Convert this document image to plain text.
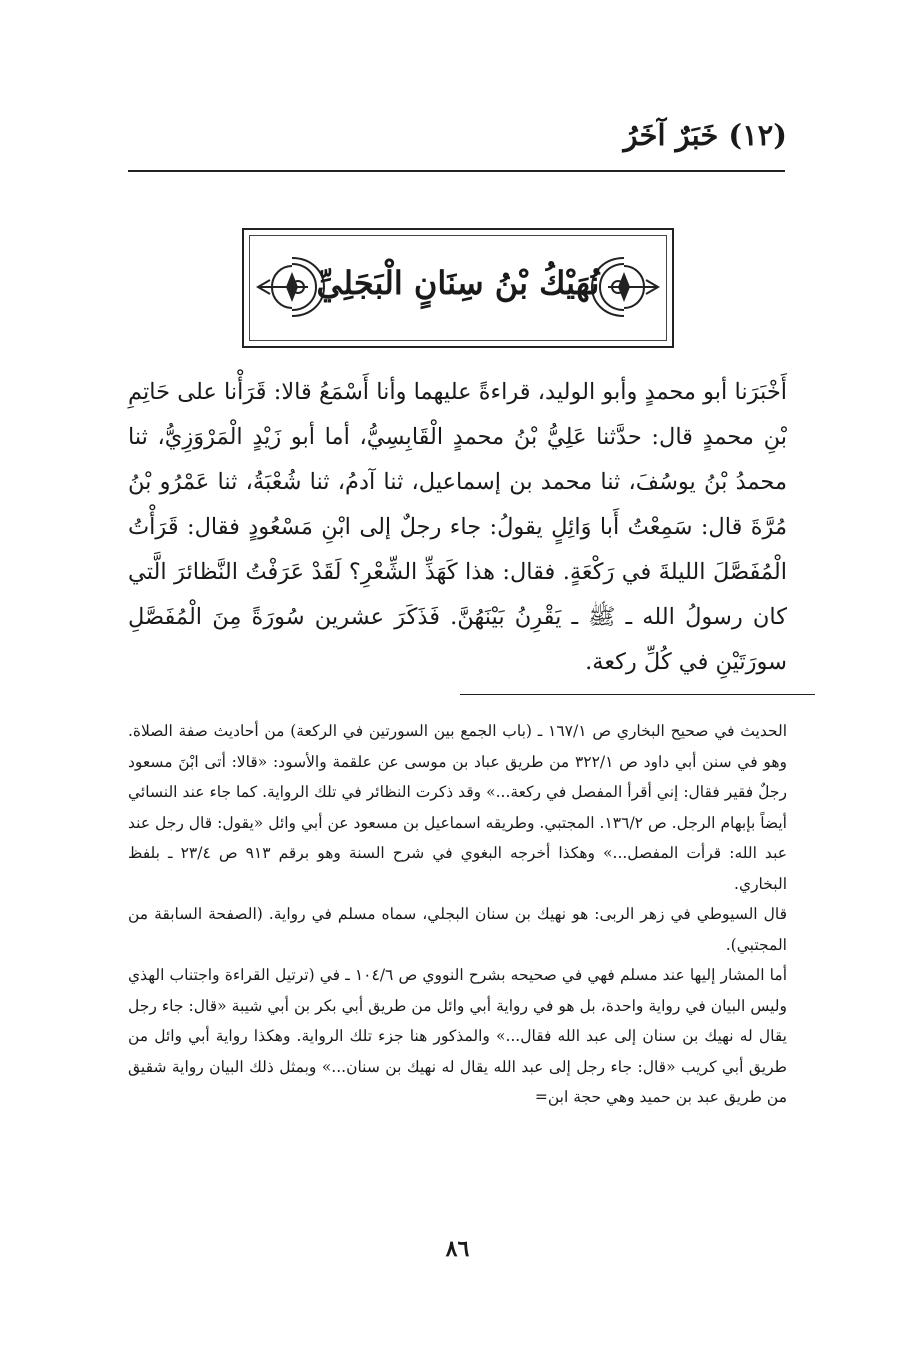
(١٢) خَبَرٌ آخَرُ
نُهَيْكُ بْنُ سِنَانٍ الْبَجَلِيِّ

أَخْبَرَنا أبو محمدٍ وأبو الوليد، قراءةً عليهما وأنا أَسْمَعُ قالا: قَرَأْنا على حَاتِمِ بْنِ محمدٍ قال: حدَّثنا عَلِيُّ بْنُ محمدٍ الْقَابِسِيُّ، أما أبو زَيْدٍ الْمَرْوَزِيُّ، ثنا محمدُ بْنُ يوسُفَ، ثنا محمد بن إسماعيل، ثنا آدمُ، ثنا شُعْبَةُ، ثنا عَمْرُو بْنُ مُرَّةَ قال: سَمِعْتُ أَبا وَائِلٍ يقولُ: جاء رجلٌ إلى ابْنِ مَسْعُودٍ فقال: قَرَأْتُ الْمُفَصَّلَ الليلةَ في رَكْعَةٍ. فقال: هذا كَهَذِّ الشِّعْرِ؟ لَقَدْ عَرَفْتُ النَّظائرَ الَّتي كان رسولُ الله ـ ﷺ ـ يَقْرِنُ بَيْنَهُنَّ. فَذَكَرَ عشرين سُورَةً مِنَ الْمُفَصَّلِ سورَتَيْنِ في كُلِّ ركعة.

الحديث في صحيح البخاري ص ١٦٧/١ ـ (باب الجمع بين السورتين في الركعة) من أحاديث صفة الصلاة. وهو في سنن أبي داود ص ٣٢٢/١ من طريق عباد بن موسى عن علقمة والأسود: «قالا: أتى ابْنَ مسعود رجلٌ فقير فقال: إني أقرأ المفصل في ركعة...» وقد ذكرت النظائر في تلك الرواية. كما جاء عند النسائي أيضاً بإبهام الرجل. ص ١٣٦/٢. المجتبي. وطريقه اسماعيل بن مسعود عن أبي وائل «يقول: قال رجل عند عبد الله: قرأت المفصل...» وهكذا أخرجه البغوي في شرح السنة وهو برقم ٩١٣ ص ٢٣/٤ ـ بلفظ البخاري.

قال السيوطي في زهر الربى: هو نهيك بن سنان البجلي، سماه مسلم في رواية. (الصفحة السابقة من المجتبي).

أما المشار إليها عند مسلم فهي في صحيحه بشرح النووي ص ١٠٤/٦ ـ في (ترتيل القراءة واجتناب الهذي وليس البيان في رواية واحدة، بل هو في رواية أبي وائل من طريق أبي بكر بن أبي شيبة «قال: جاء رجل يقال له نهيك بن سنان إلى عبد الله فقال...» والمذكور هنا جزء تلك الرواية. وهكذا رواية أبي وائل من طريق أبي كريب «قال: جاء رجل إلى عبد الله يقال له نهيك بن سنان...» وبمثل ذلك البيان رواية شقيق من طريق عبد بن حميد وهي حجة ابن=

٨٦
